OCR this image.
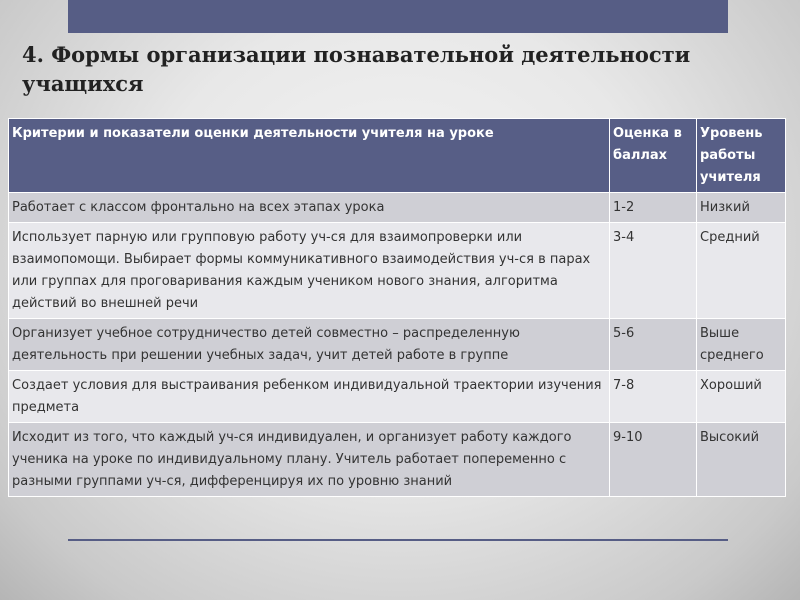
4. Формы организации познавательной деятельности учащихся
Критерии и показатели оценки деятельности учителя на уроке	Оценка в баллах	Уровень работы учителя
Работает с классом фронтально на всех этапах урока	1-2	Низкий
Использует парную или групповую работу уч-ся для взаимопроверки или взаимопомощи. Выбирает формы коммуникативного взаимодействия уч-ся в парах или группах для проговаривания каждым учеником нового знания, алгоритма действий во внешней речи	3-4	Средний
Организует учебное сотрудничество детей совместно – распределенную деятельность при решении учебных задач, учит детей работе в группе	5-6	Выше среднего
Создает условия для выстраивания ребенком индивидуальной траектории изучения предмета	7-8	Хороший
Исходит из того, что каждый уч-ся индивидуален, и организует работу каждого ученика на уроке по индивидуальному плану. Учитель работает попеременно с разными группами уч-ся, дифференцируя их по уровню знаний	9-10	Высокий
